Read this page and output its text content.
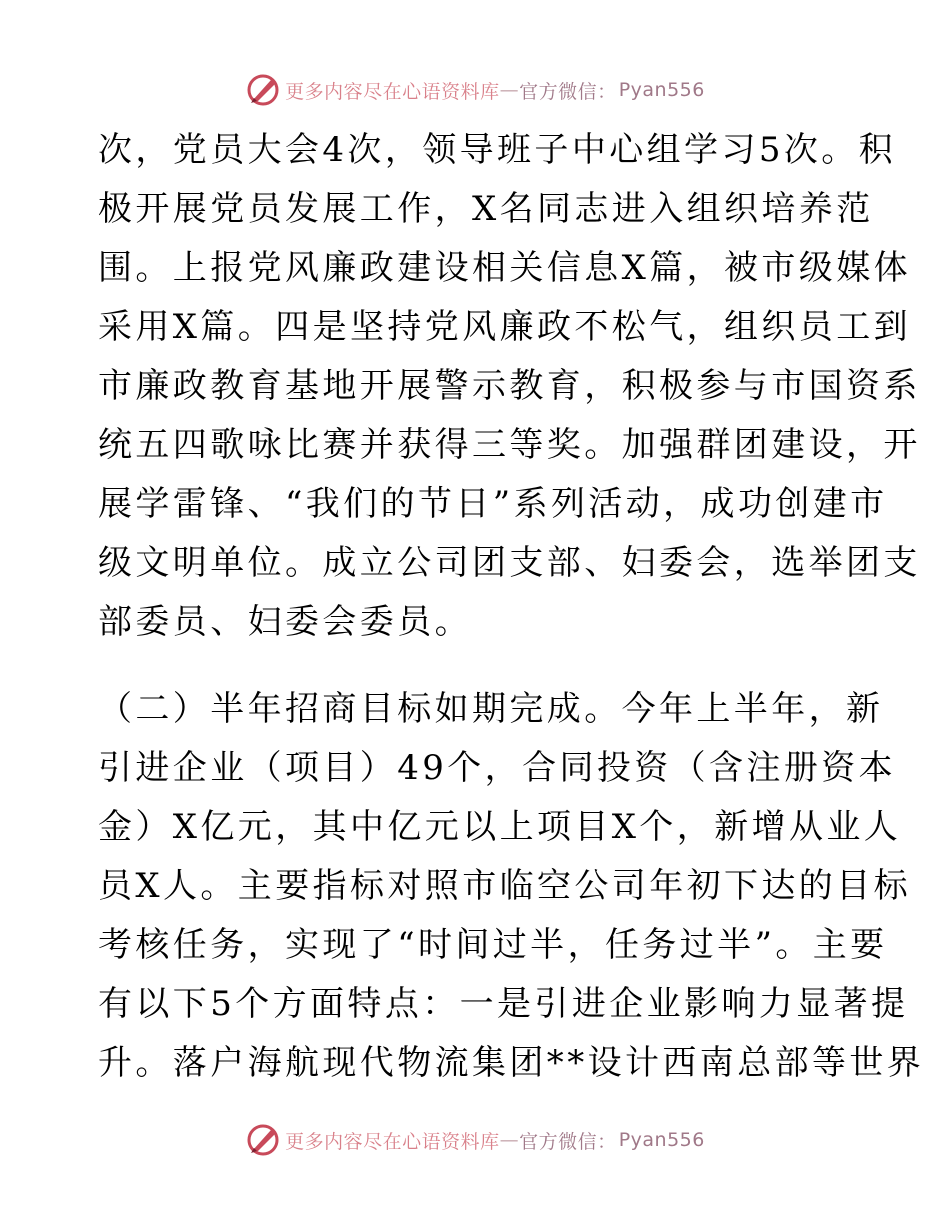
更多内容尽在心语资料库 — 官方微信： Pyan556
次，党员大会4次，领导班子中心组学习5次。积
极开展党员发展工作，X名同志进入组织培养范
围。上报党风廉政建设相关信息X篇，被市级媒体
采用X篇。四是坚持党风廉政不松气，组织员工到
市廉政教育基地开展警示教育，积极参与市国资系
统五四歌咏比赛并获得三等奖。加强群团建设，开
展学雷锋、“我们的节日”系列活动，成功创建市
级文明单位。成立公司团支部、妇委会，选举团支
部委员、妇委会委员。
（二）半年招商目标如期完成。今年上半年，新
引进企业（项目）49个，合同投资（含注册资本
金）X亿元，其中亿元以上项目X个，新增从业人
员X人。主要指标对照市临空公司年初下达的目标
考核任务，实现了“时间过半，任务过半”。主要
有以下5个方面特点：一是引进企业影响力显著提
升。落户海航现代物流集团**设计西南总部等世界
更多内容尽在心语资料库 — 官方微信： Pyan556
